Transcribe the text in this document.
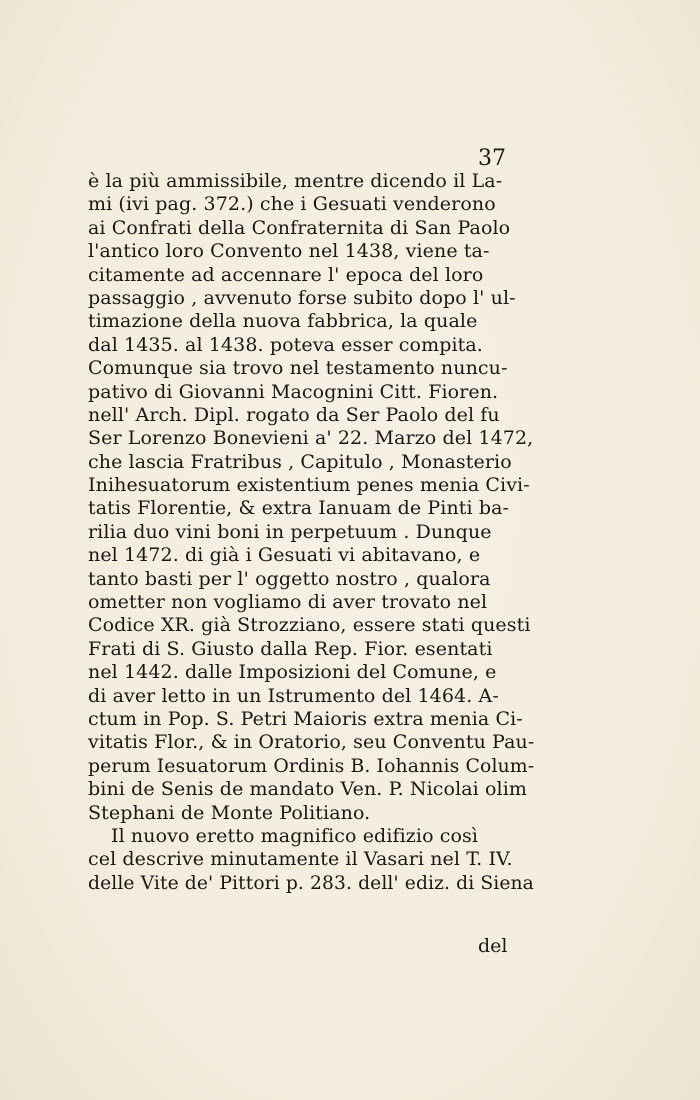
37
è la più ammissibile, mentre dicendo il La-
mi (ivi pag. 372.) che i Gesuati venderono
ai Confrati della Confraternita di San Paolo
l'antico loro Convento nel 1438, viene ta-
citamente ad accennare l' epoca del loro
passaggio , avvenuto forse subito dopo l' ul-
timazione della nuova fabbrica, la quale
dal 1435. al 1438. poteva esser compita.
Comunque sia trovo nel testamento nuncu-
pativo di Giovanni Macognini Citt. Fioren.
nell' Arch. Dipl. rogato da Ser Paolo del fu
Ser Lorenzo Bonevieni a' 22. Marzo del 1472,
che lascia Fratribus , Capitulo , Monasterio
Inihesuatorum existentium penes menia Civi-
tatis Florentie, & extra Ianuam de Pinti ba-
rilia duo vini boni in perpetuum . Dunque
nel 1472. di già i Gesuati vi abitavano, e
tanto basti per l' oggetto nostro , qualora
ometter non vogliamo di aver trovato nel
Codice XR. già Strozziano, essere stati questi
Frati di S. Giusto dalla Rep. Fior. esentati
nel 1442. dalle Imposizioni del Comune, e
di aver letto in un Istrumento del 1464. A-
ctum in Pop. S. Petri Maioris extra menia Ci-
vitatis Flor., & in Oratorio, seu Conventu Pau-
perum Iesuatorum Ordinis B. Iohannis Colum-
bini de Senis de mandato Ven. P. Nicolai olim
Stephani de Monte Politiano.
Il nuovo eretto magnifico edifizio così
cel descrive minutamente il Vasari nel T. IV.
delle Vite de' Pittori p. 283. dell' ediz. di Siena
del
